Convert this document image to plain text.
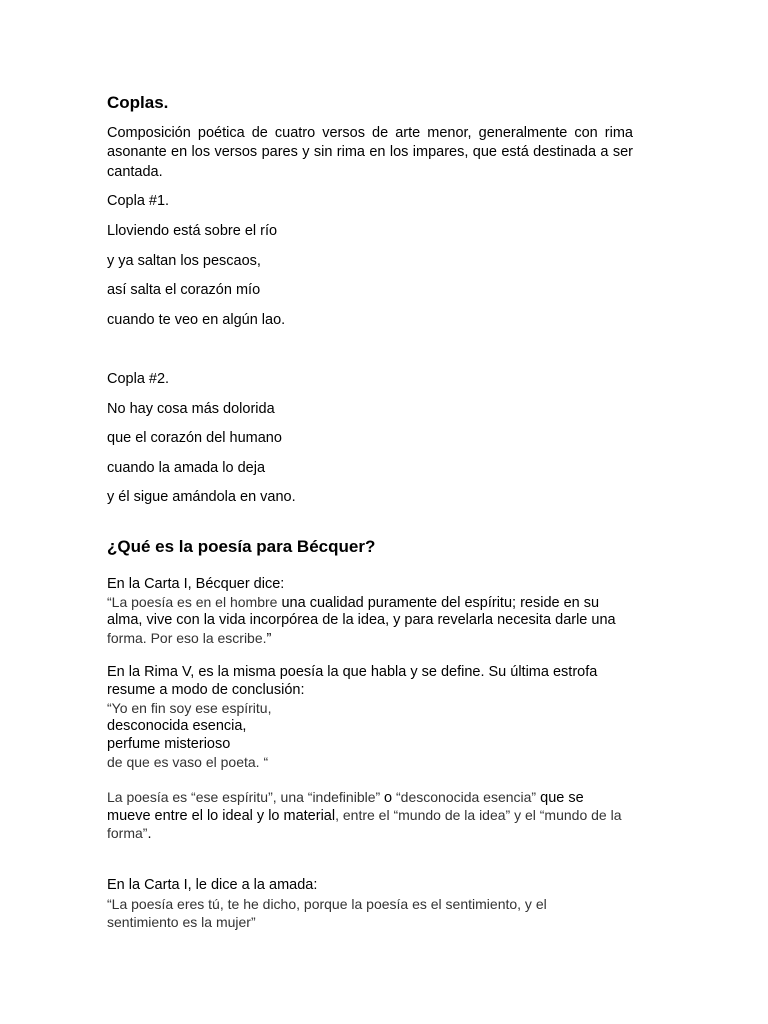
Coplas.
Composición poética de cuatro versos de arte menor, generalmente con rima
asonante en los versos pares y sin rima en los impares, que está destinada a ser
cantada.
Copla #1.
Lloviendo está sobre el río
y ya saltan los pescaos,
así salta el corazón mío
cuando te veo en algún lao.
Copla #2.
No hay cosa más dolorida
que el corazón del humano
cuando la amada lo deja
y él sigue amándola en vano.
¿Qué es la poesía para Bécquer?
En la Carta I, Bécquer dice:
“La poesía es en el hombre una cualidad puramente del espíritu; reside en su
alma, vive con la vida incorpórea de la idea, y para revelarla necesita darle una
forma. Por eso la escribe.”
En la Rima V, es la misma poesía la que habla y se define. Su última estrofa
resume a modo de conclusión:
“Yo en fin soy ese espíritu,
desconocida esencia,
perfume misterioso
de que es vaso el poeta. “
La poesía es “ese espíritu”, una “indefinible” o “desconocida esencia” que se
mueve entre el lo ideal y lo material, entre el “mundo de la idea” y el “mundo de la
forma”.
En la Carta I, le dice a la amada:
“La poesía eres tú, te he dicho, porque la poesía es el sentimiento, y el
sentimiento es la mujer”
